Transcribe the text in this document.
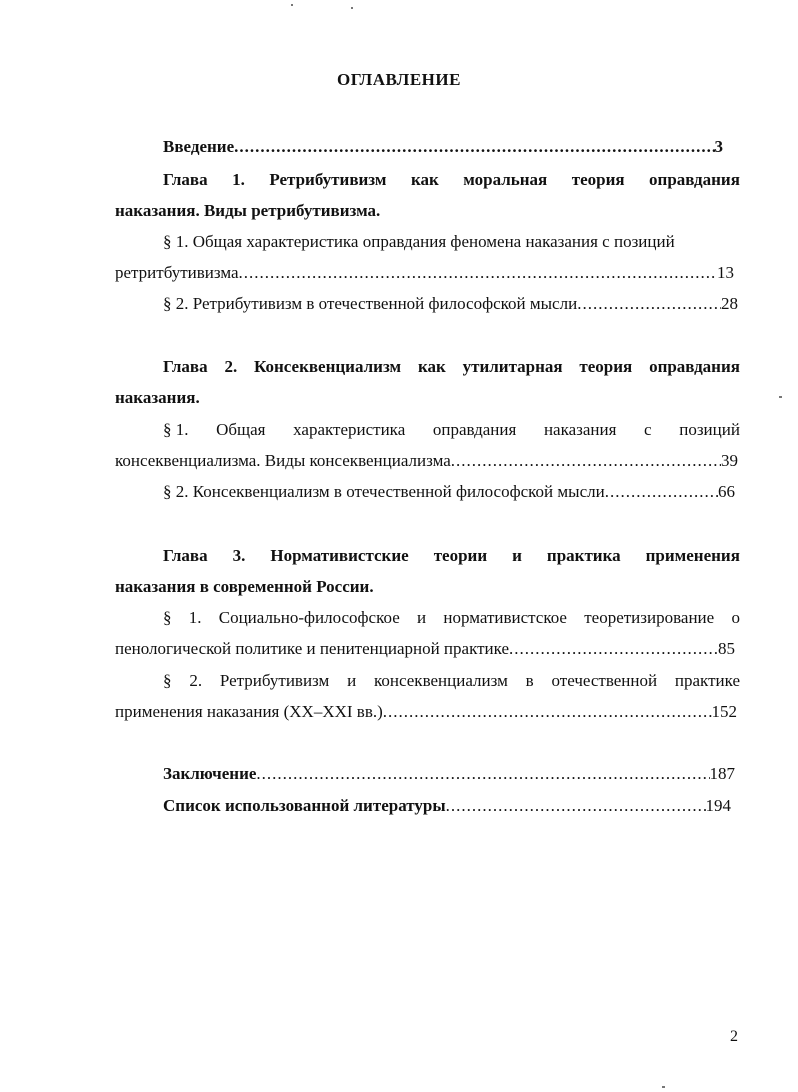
ОГЛАВЛЕНИЕ
Введение .....	3
Глава 1. Ретрибутивизм как моральная теория оправдания
наказания. Виды ретрибутивизма.
§ 1. Общая характеристика оправдания феномена наказания с позиций
ретритбутивизма .....	13
§ 2. Ретрибутивизм в отечественной философской мысли .....	28
Глава 2. Консеквенциализм как утилитарная теория оправдания
наказания.
§ 1. Общая характеристика оправдания наказания с позиций
консеквенциализма. Виды консеквенциализма .....	39
§ 2. Консеквенциализм в отечественной философской мысли .....	66
Глава 3. Нормативистские теории и практика применения
наказания в современной России.
§ 1. Социально-философское и нормативистское теоретизирование о
пенологической политике и пенитенциарной практике .....	85
§ 2. Ретрибутивизм и консеквенциализм в отечественной практике
применения наказания (XX–XXI вв.) .....	152
Заключение .....	187
Список использованной литературы .....	194
2
